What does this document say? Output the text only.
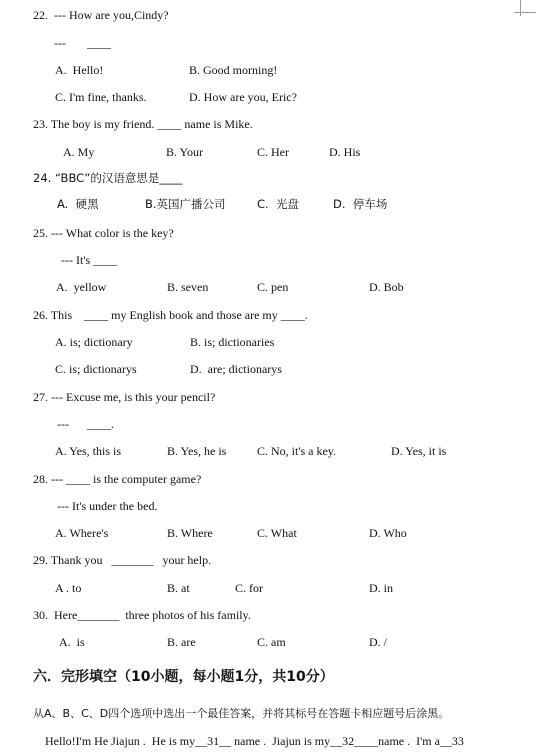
22.  --- How are you,Cindy?
---       ____
A.  Hello!	B. Good morning!
C. I'm fine, thanks.	D. How are you, Eric?
23. The boy is my friend. ____ name is Mike.
A. My	B. Your	C. Her	D. His
24. “BBC”的汉语意思是____
A.  硬黑	B.英国广播公司	C.  光盘	D.  停车场
25. --- What color is the key?
--- It's ____
A.  yellow	B. seven	C. pen	D. Bob
26. This    ____ my English book and those are my ____.
A. is; dictionary	B. is; dictionaries
C. is; dictionarys	D.  are; dictionarys
27. --- Excuse me, is this your pencil?
---      ____.
A. Yes, this is	B. Yes, he is	C. No, it's a key.	D. Yes, it is
28. --- ____ is the computer game?
--- It's under the bed.
A. Where's	B. Where	C. What	D. Who
29. Thank you   _______   your help.
A . to	B. at	C. for	D. in
30.  Here_______  three photos of his family.
A.  is	B. are	C. am	D. /
六．完形填空（10小题，每小题1分，共10分）
从A、B、C、D四个选项中选出一个最佳答案，并将其标号在答题卡相应题号后涂黑。
Hello!I'm He Jiajun .  He is my__31__ name .  Jiajun is my__32____name .  I'm a__33
